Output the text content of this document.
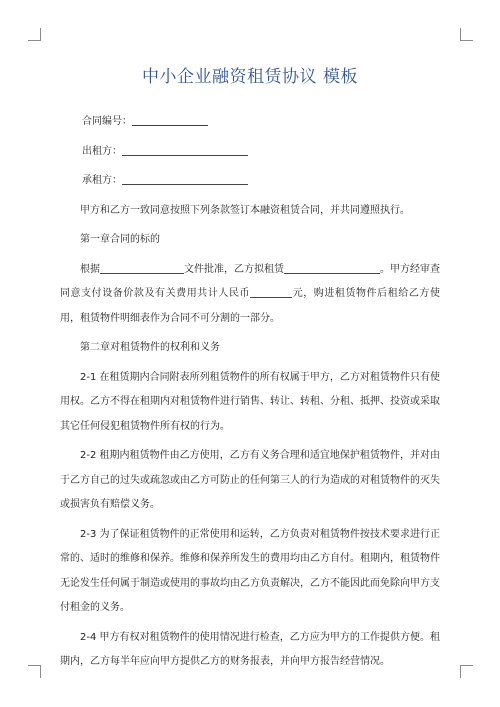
中小企业融资租赁协议 模板

合同编号：

出租方：

承租方：

甲方和乙方一致同意按照下列条款签订本融资租赁合同，并共同遵照执行。

第一章合同的标的

根据	文件批准，乙方拟租赁	。甲方经审查同意支付设备价款及有关费用共计人民币	元，购进租赁物件后租给乙方使用，租赁物件明细表作为合同不可分割的一部分。

第二章对租赁物件的权利和义务

2-1 在租赁期内合同附表所列租赁物件的所有权属于甲方，乙方对租赁物件只有使用权。乙方不得在租期内对租赁物件进行销售、转让、转租、分租、抵押、投资或采取其它任何侵犯租赁物件所有权的行为。

2-2 租期内租赁物件由乙方使用，乙方有义务合理和适宜地保护租赁物件，并对由于乙方自己的过失或疏忽或由乙方可防止的任何第三人的行为造成的对租赁物件的灭失或损害负有赔偿义务。

2-3 为了保证租赁物件的正常使用和运转，乙方负责对租赁物件按技术要求进行正常的、适时的维修和保养。维修和保养所发生的费用均由乙方自付。租期内，租赁物件无论发生任何属于制造或使用的事故均由乙方负责解决，乙方不能因此而免除向甲方支付租金的义务。

2-4 甲方有权对租赁物件的使用情况进行检查，乙方应为甲方的工作提供方便。租期内，乙方每半年应向甲方提供乙方的财务报表，并向甲方报告经营情况。
